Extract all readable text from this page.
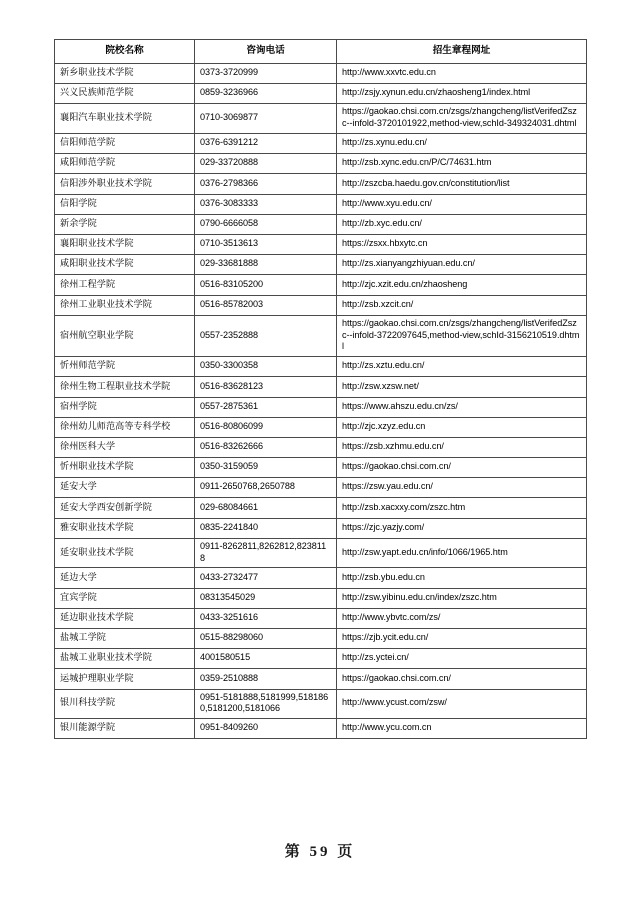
院校名称	咨询电话	招生章程网址
新乡职业技术学院	0373-3720999	http://www.xxvtc.edu.cn
兴义民族师范学院	0859-3236966	http://zsjy.xynun.edu.cn/zhaosheng1/index.html
襄阳汽车职业技术学院	0710-3069877	https://gaokao.chsi.com.cn/zsgs/zhangcheng/listVerifedZszc--infold-3720101922,method-view,schId-349324031.dhtml
信阳师范学院	0376-6391212	http://zs.xynu.edu.cn/
咸阳师范学院	029-33720888	http://zsb.xync.edu.cn/P/C/74631.htm
信阳涉外职业技术学院	0376-2798366	http://zszcba.haedu.gov.cn/constitution/list
信阳学院	0376-3083333	http://www.xyu.edu.cn/
新余学院	0790-6666058	http://zb.xyc.edu.cn/
襄阳职业技术学院	0710-3513613	https://zsxx.hbxytc.cn
咸阳职业技术学院	029-33681888	http://zs.xianyangzhiyuan.edu.cn/
徐州工程学院	0516-83105200	http://zjc.xzit.edu.cn/zhaosheng
徐州工业职业技术学院	0516-85782003	http://zsb.xzcit.cn/
宿州航空职业学院	0557-2352888	https://gaokao.chsi.com.cn/zsgs/zhangcheng/listVerifedZszc--infold-3722097645,method-view,schId-3156210519.dhtml
忻州师范学院	0350-3300358	http://zs.xztu.edu.cn/
徐州生物工程职业技术学院	0516-83628123	http://zsw.xzsw.net/
宿州学院	0557-2875361	https://www.ahszu.edu.cn/zs/
徐州幼儿师范高等专科学校	0516-80806099	http://zjc.xzyz.edu.cn
徐州医科大学	0516-83262666	https://zsb.xzhmu.edu.cn/
忻州职业技术学院	0350-3159059	https://gaokao.chsi.com.cn/
延安大学	0911-2650768,2650788	https://zsw.yau.edu.cn/
延安大学西安创新学院	029-68084661	http://zsb.xacxxy.com/zszc.htm
雅安职业技术学院	0835-2241840	https://zjc.yazjy.com/
延安职业技术学院	0911-8262811,8262812,8238118	http://zsw.yapt.edu.cn/info/1066/1965.htm
延边大学	0433-2732477	http://zsb.ybu.edu.cn
宜宾学院	08313545029	http://zsw.yibinu.edu.cn/index/zszc.htm
延边职业技术学院	0433-3251616	http://www.ybvtc.com/zs/
盐城工学院	0515-88298060	https://zjb.ycit.edu.cn/
盐城工业职业技术学院	4001580515	http://zs.yctei.cn/
运城护理职业学院	0359-2510888	https://gaokao.chsi.com.cn/
银川科技学院	0951-5181888,5181999,5181860,5181200,5181066	http://www.ycust.com/zsw/
银川能源学院	0951-8409260	http://www.ycu.com.cn
第 59 页
